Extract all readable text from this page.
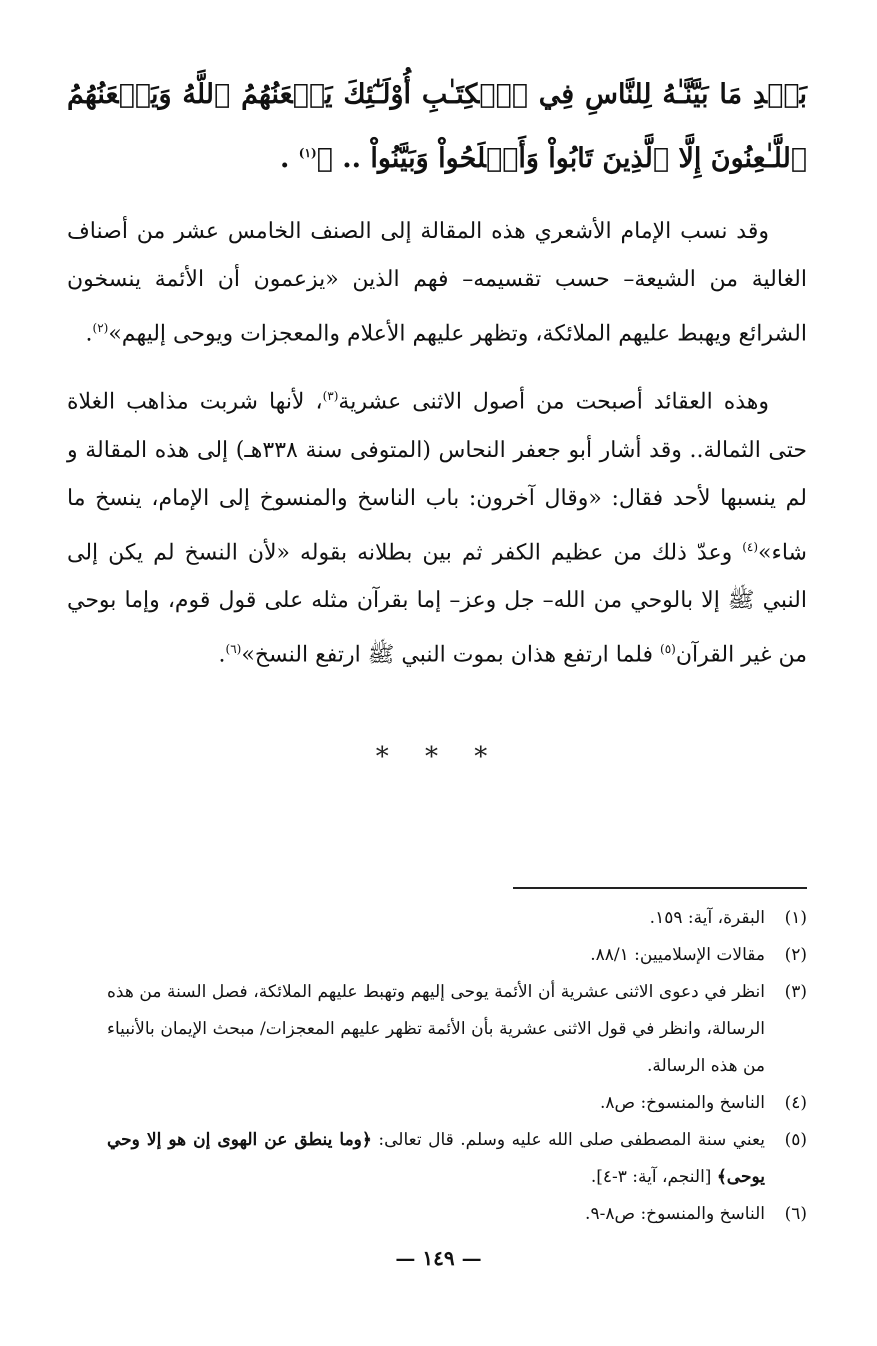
بَعۡدِ مَا بَيَّنَّـٰهُ لِلنَّاسِ فِي ٱلۡكِتَـٰبِ أُوْلَـٰٓئِكَ يَلۡعَنُهُمُ ٱللَّهُ وَيَلۡعَنُهُمُ ٱللَّـٰعِنُونَ إِلَّا ٱلَّذِينَ تَابُواْ وَأَصۡلَحُواْ وَبَيَّنُواْ .. ﴾$^{(١)}$ .

وقد نسب الإمام الأشعري هذه المقالة إلى الصنف الخامس عشر من أصناف الغالية من الشيعة– حسب تقسيمه– فهم الذين «يزعمون أن الأئمة ينسخون الشرائع ويهبط عليهم الملائكة، وتظهر عليهم الأعلام والمعجزات ويوحى إليهم»$^{(٢)}$.

وهذه العقائد أصبحت من أصول الاثنى عشرية$^{(٣)}$، لأنها شربت مذاهب الغلاة حتى الثمالة.. وقد أشار أبو جعفر النحاس (المتوفى سنة ٣٣٨هـ) إلى هذه المقالة و لم ينسبها لأحد فقال: «وقال آخرون: باب الناسخ والمنسوخ إلى الإمام، ينسخ ما شاء»$^{(٤)}$ وعدّ ذلك من عظيم الكفر ثم بين بطلانه بقوله «لأن النسخ لم يكن إلى النبي ﷺ إلا بالوحي من الله– جل وعز– إما بقرآن مثله على قول قوم، وإما بوحي من غير القرآن$^{(٥)}$ فلما ارتفع هذان بموت النبي ﷺ ارتفع النسخ»$^{(٦)}$.

* * *
(١)
البقرة، آية: ١٥٩.
(٢)
مقالات الإسلاميين: ٨٨/١.
(٣)
انظر في دعوى الاثنى عشرية أن الأئمة يوحى إليهم وتهبط عليهم الملائكة، فصل السنة من هذه الرسالة، وانظر في قول الاثنى عشرية بأن الأئمة تظهر عليهم المعجزات/ مبحث الإيمان بالأنبياء من هذه الرسالة.
(٤)
الناسخ والمنسوخ: ص٨.
(٥)
يعني سنة المصطفى صلى الله عليه وسلم. قال تعالى: ﴿وما ينطق عن الهوى إن هو إلا وحي يوحى﴾ [النجم، آية: ٣-٤].
(٦)
الناسخ والمنسوخ: ص٨-٩.
— ١٤٩ —
